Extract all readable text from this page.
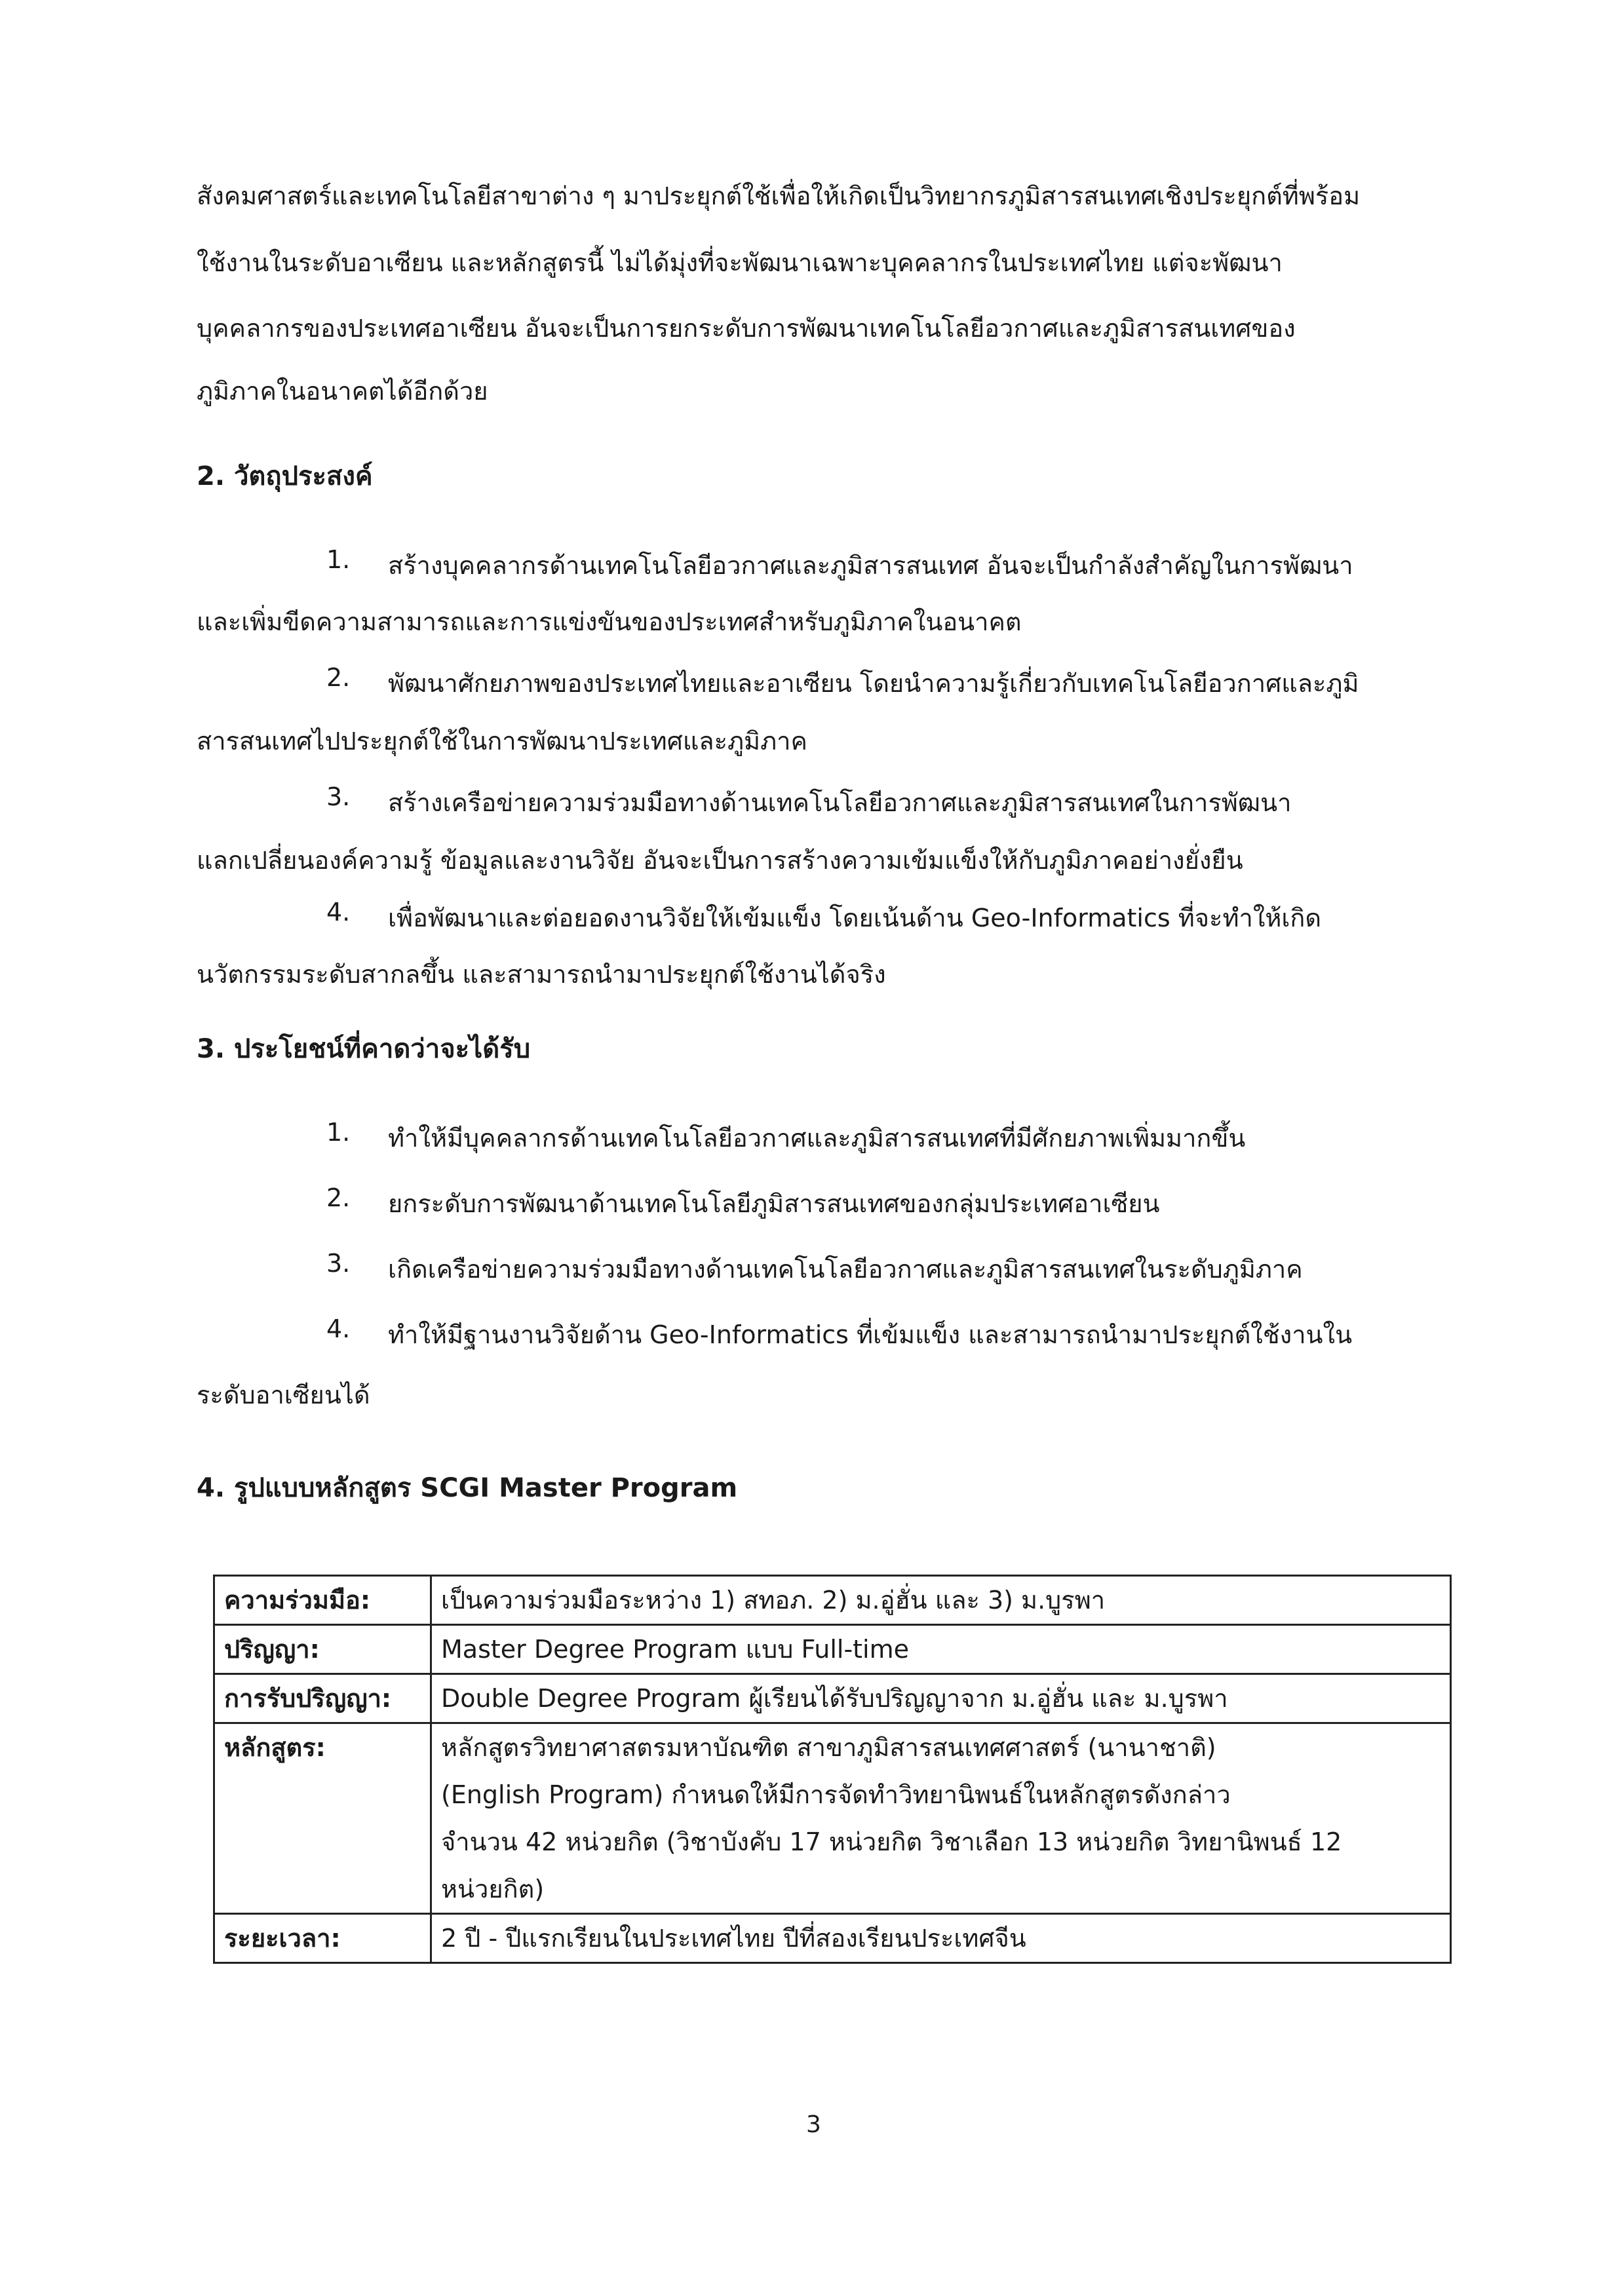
สังคมศาสตร์และเทคโนโลยีสาขาต่าง ๆ มาประยุกต์ใช้เพื่อให้เกิดเป็นวิทยากรภูมิสารสนเทศเชิงประยุกต์ที่พร้อม
ใช้งานในระดับอาเซียน และหลักสูตรนี้ ไม่ได้มุ่งที่จะพัฒนาเฉพาะบุคคลากรในประเทศไทย แต่จะพัฒนา
บุคคลากรของประเทศอาเซียน อันจะเป็นการยกระดับการพัฒนาเทคโนโลยีอวกาศและภูมิสารสนเทศของ
ภูมิภาคในอนาคตได้อีกด้วย
2. วัตถุประสงค์
1. สร้างบุคคลากรด้านเทคโนโลยีอวกาศและภูมิสารสนเทศ อันจะเป็นกำลังสำคัญในการพัฒนา
และเพิ่มขีดความสามารถและการแข่งขันของประเทศสำหรับภูมิภาคในอนาคต
2. พัฒนาศักยภาพของประเทศไทยและอาเซียน โดยนำความรู้เกี่ยวกับเทคโนโลยีอวกาศและภูมิ
สารสนเทศไปประยุกต์ใช้ในการพัฒนาประเทศและภูมิภาค
3. สร้างเครือข่ายความร่วมมือทางด้านเทคโนโลยีอวกาศและภูมิสารสนเทศในการพัฒนา
แลกเปลี่ยนองค์ความรู้ ข้อมูลและงานวิจัย อันจะเป็นการสร้างความเข้มแข็งให้กับภูมิภาคอย่างยั่งยืน
4. เพื่อพัฒนาและต่อยอดงานวิจัยให้เข้มแข็ง โดยเน้นด้าน Geo-Informatics ที่จะทำให้เกิด
นวัตกรรมระดับสากลขึ้น และสามารถนำมาประยุกต์ใช้งานได้จริง
3. ประโยชน์ที่คาดว่าจะได้รับ
1. ทำให้มีบุคคลากรด้านเทคโนโลยีอวกาศและภูมิสารสนเทศที่มีศักยภาพเพิ่มมากขึ้น
2. ยกระดับการพัฒนาด้านเทคโนโลยีภูมิสารสนเทศของกลุ่มประเทศอาเซียน
3. เกิดเครือข่ายความร่วมมือทางด้านเทคโนโลยีอวกาศและภูมิสารสนเทศในระดับภูมิภาค
4. ทำให้มีฐานงานวิจัยด้าน Geo-Informatics ที่เข้มแข็ง และสามารถนำมาประยุกต์ใช้งานใน
ระดับอาเซียนได้
4. รูปแบบหลักสูตร SCGI Master Program
ความร่วมมือ:	เป็นความร่วมมือระหว่าง 1) สทอภ. 2) ม.อู่ฮั่น และ 3) ม.บูรพา
ปริญญา:	Master Degree Program แบบ Full-time
การรับปริญญา:	Double Degree Program ผู้เรียนได้รับปริญญาจาก ม.อู่ฮั่น และ ม.บูรพา
หลักสูตร:	หลักสูตรวิทยาศาสตรมหาบัณฑิต สาขาภูมิสารสนเทศศาสตร์ (นานาชาติ)
(English Program) กำหนดให้มีการจัดทำวิทยานิพนธ์ในหลักสูตรดังกล่าว
จำนวน 42 หน่วยกิต (วิชาบังคับ 17 หน่วยกิต วิชาเลือก 13 หน่วยกิต วิทยานิพนธ์ 12
หน่วยกิต)

ระยะเวลา:	2 ปี - ปีแรกเรียนในประเทศไทย ปีที่สองเรียนประเทศจีน
3
